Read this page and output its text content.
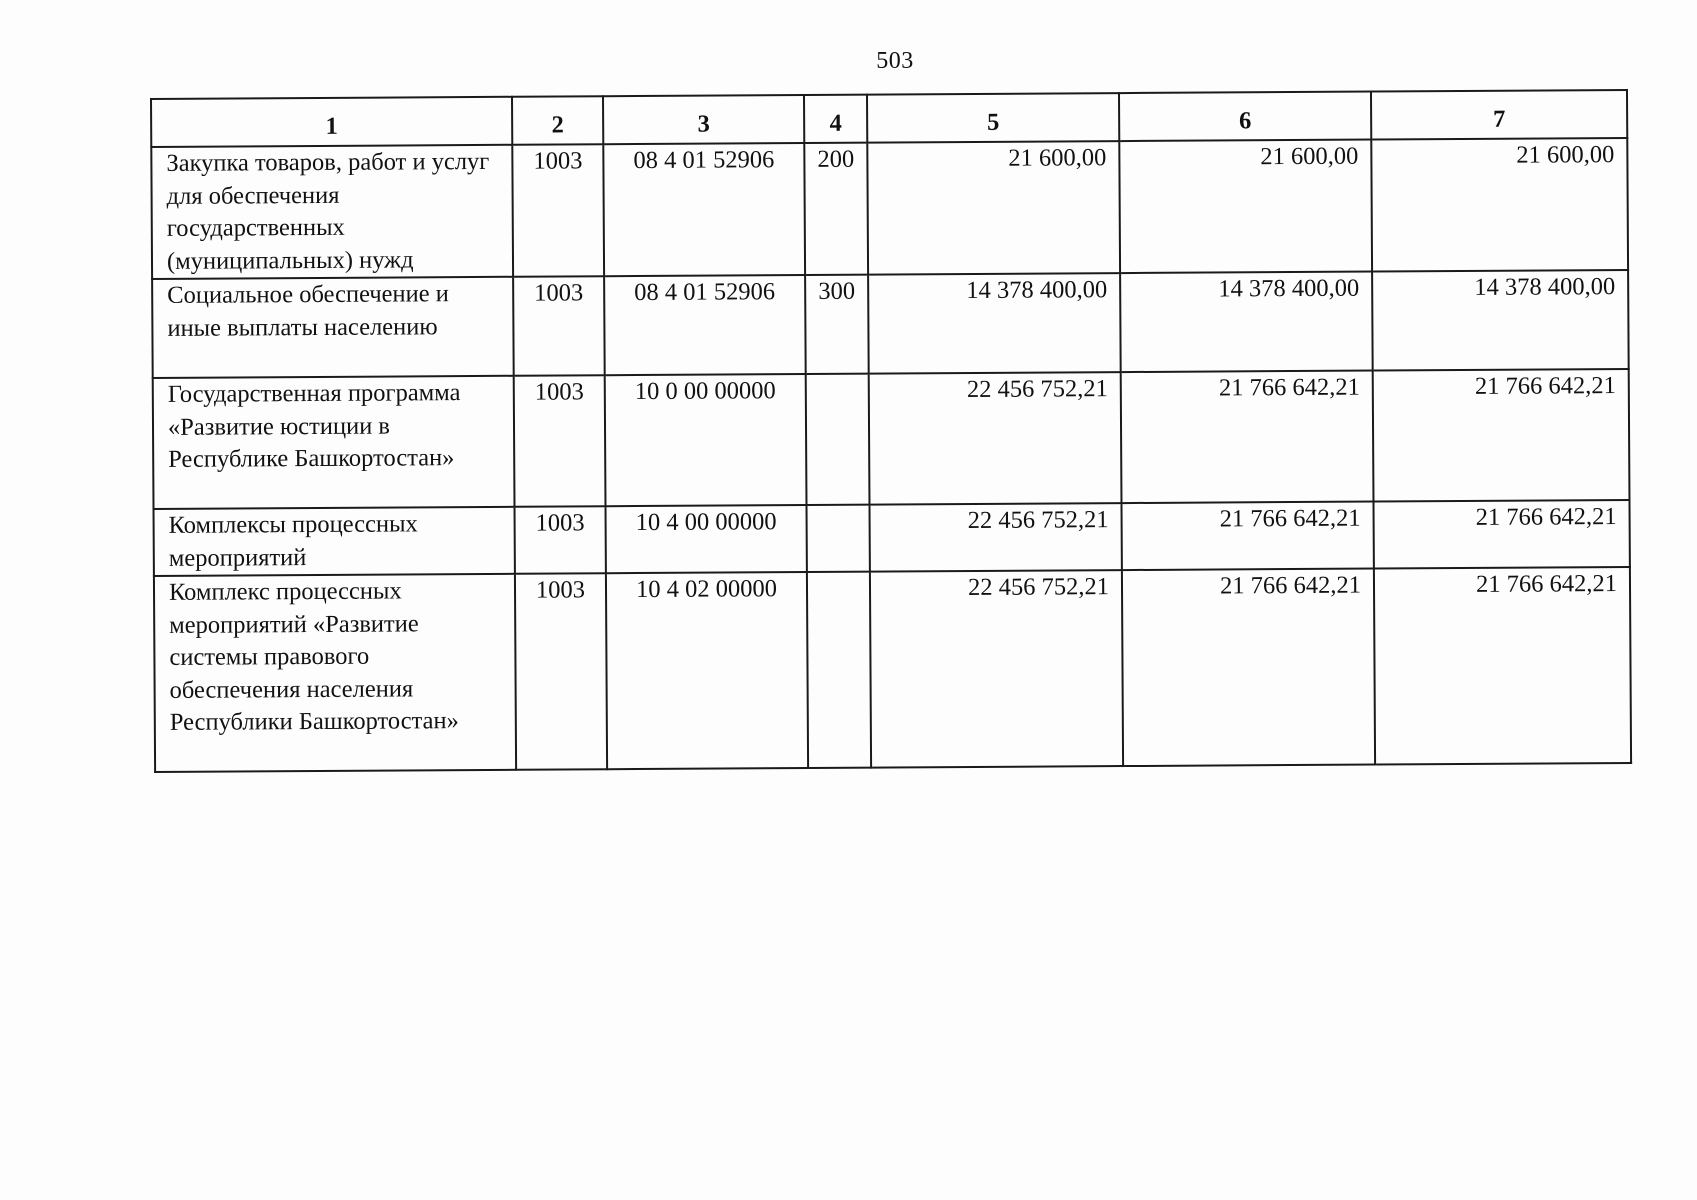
503
1	2	3	4	5	6	7
Закупка товаров, работ и услуг для обеспечения государственных (муниципальных) нужд	1003	08 4 01 52906	200	21 600,00	21 600,00	21 600,00
Социальное обеспечение и иные выплаты населению	1003	08 4 01 52906	300	14 378 400,00	14 378 400,00	14 378 400,00
Государственная программа «Развитие юстиции в Республике Башкортостан»	1003	10 0 00 00000		22 456 752,21	21 766 642,21	21 766 642,21
Комплексы процессных мероприятий	1003	10 4 00 00000		22 456 752,21	21 766 642,21	21 766 642,21
Комплекс процессных мероприятий «Развитие системы правового обеспечения населения Республики Башкортостан»	1003	10 4 02 00000		22 456 752,21	21 766 642,21	21 766 642,21
